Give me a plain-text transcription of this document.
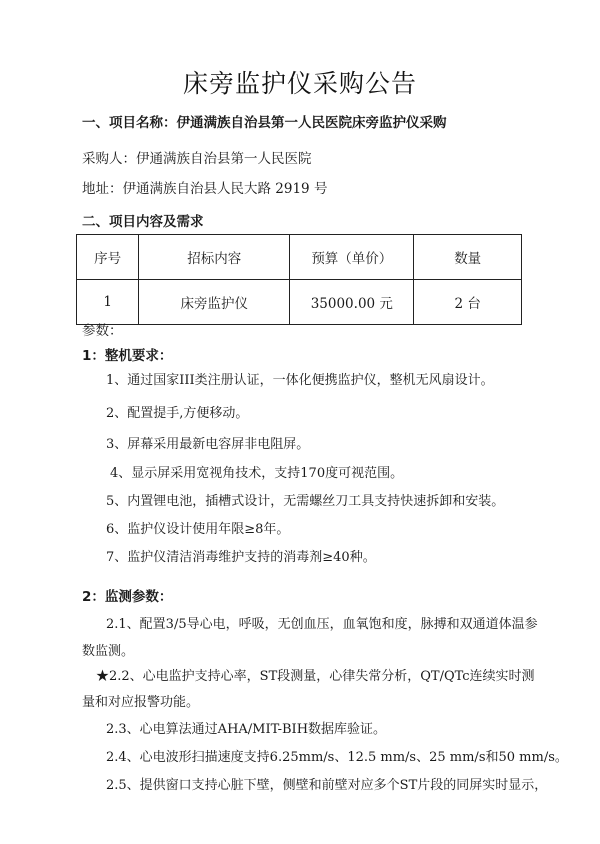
床旁监护仪采购公告
一、项目名称：伊通满族自治县第一人民医院床旁监护仪采购
采购人：伊通满族自治县第一人民医院
地址：伊通满族自治县人民大路 2919 号
二、项目内容及需求
序号	招标内容	预算（单价）	数量
1	床旁监护仪	35000.00 元	2 台
参数：
1：整机要求：
1、通过国家III类注册认证，一体化便携监护仪，整机无风扇设计。
2、配置提手,方便移动。
3、屏幕采用最新电容屏非电阻屏。
4、显示屏采用宽视角技术，支持170度可视范围。
5、内置锂电池，插槽式设计，无需螺丝刀工具支持快速拆卸和安装。
6、监护仪设计使用年限≥8年。
7、监护仪清洁消毒维护支持的消毒剂≥40种。
2：监测参数：
2.1、配置3/5导心电，呼吸，无创血压，血氧饱和度，脉搏和双通道体温参
数监测。
★2.2、心电监护支持心率，ST段测量，心律失常分析，QT/QTc连续实时测
量和对应报警功能。
2.3、心电算法通过AHA/MIT-BIH数据库验证。
2.4、心电波形扫描速度支持6.25mm/s、12.5 mm/s、25 mm/s和50 mm/s。
2.5、提供窗口支持心脏下壁，侧壁和前壁对应多个ST片段的同屏实时显示，
